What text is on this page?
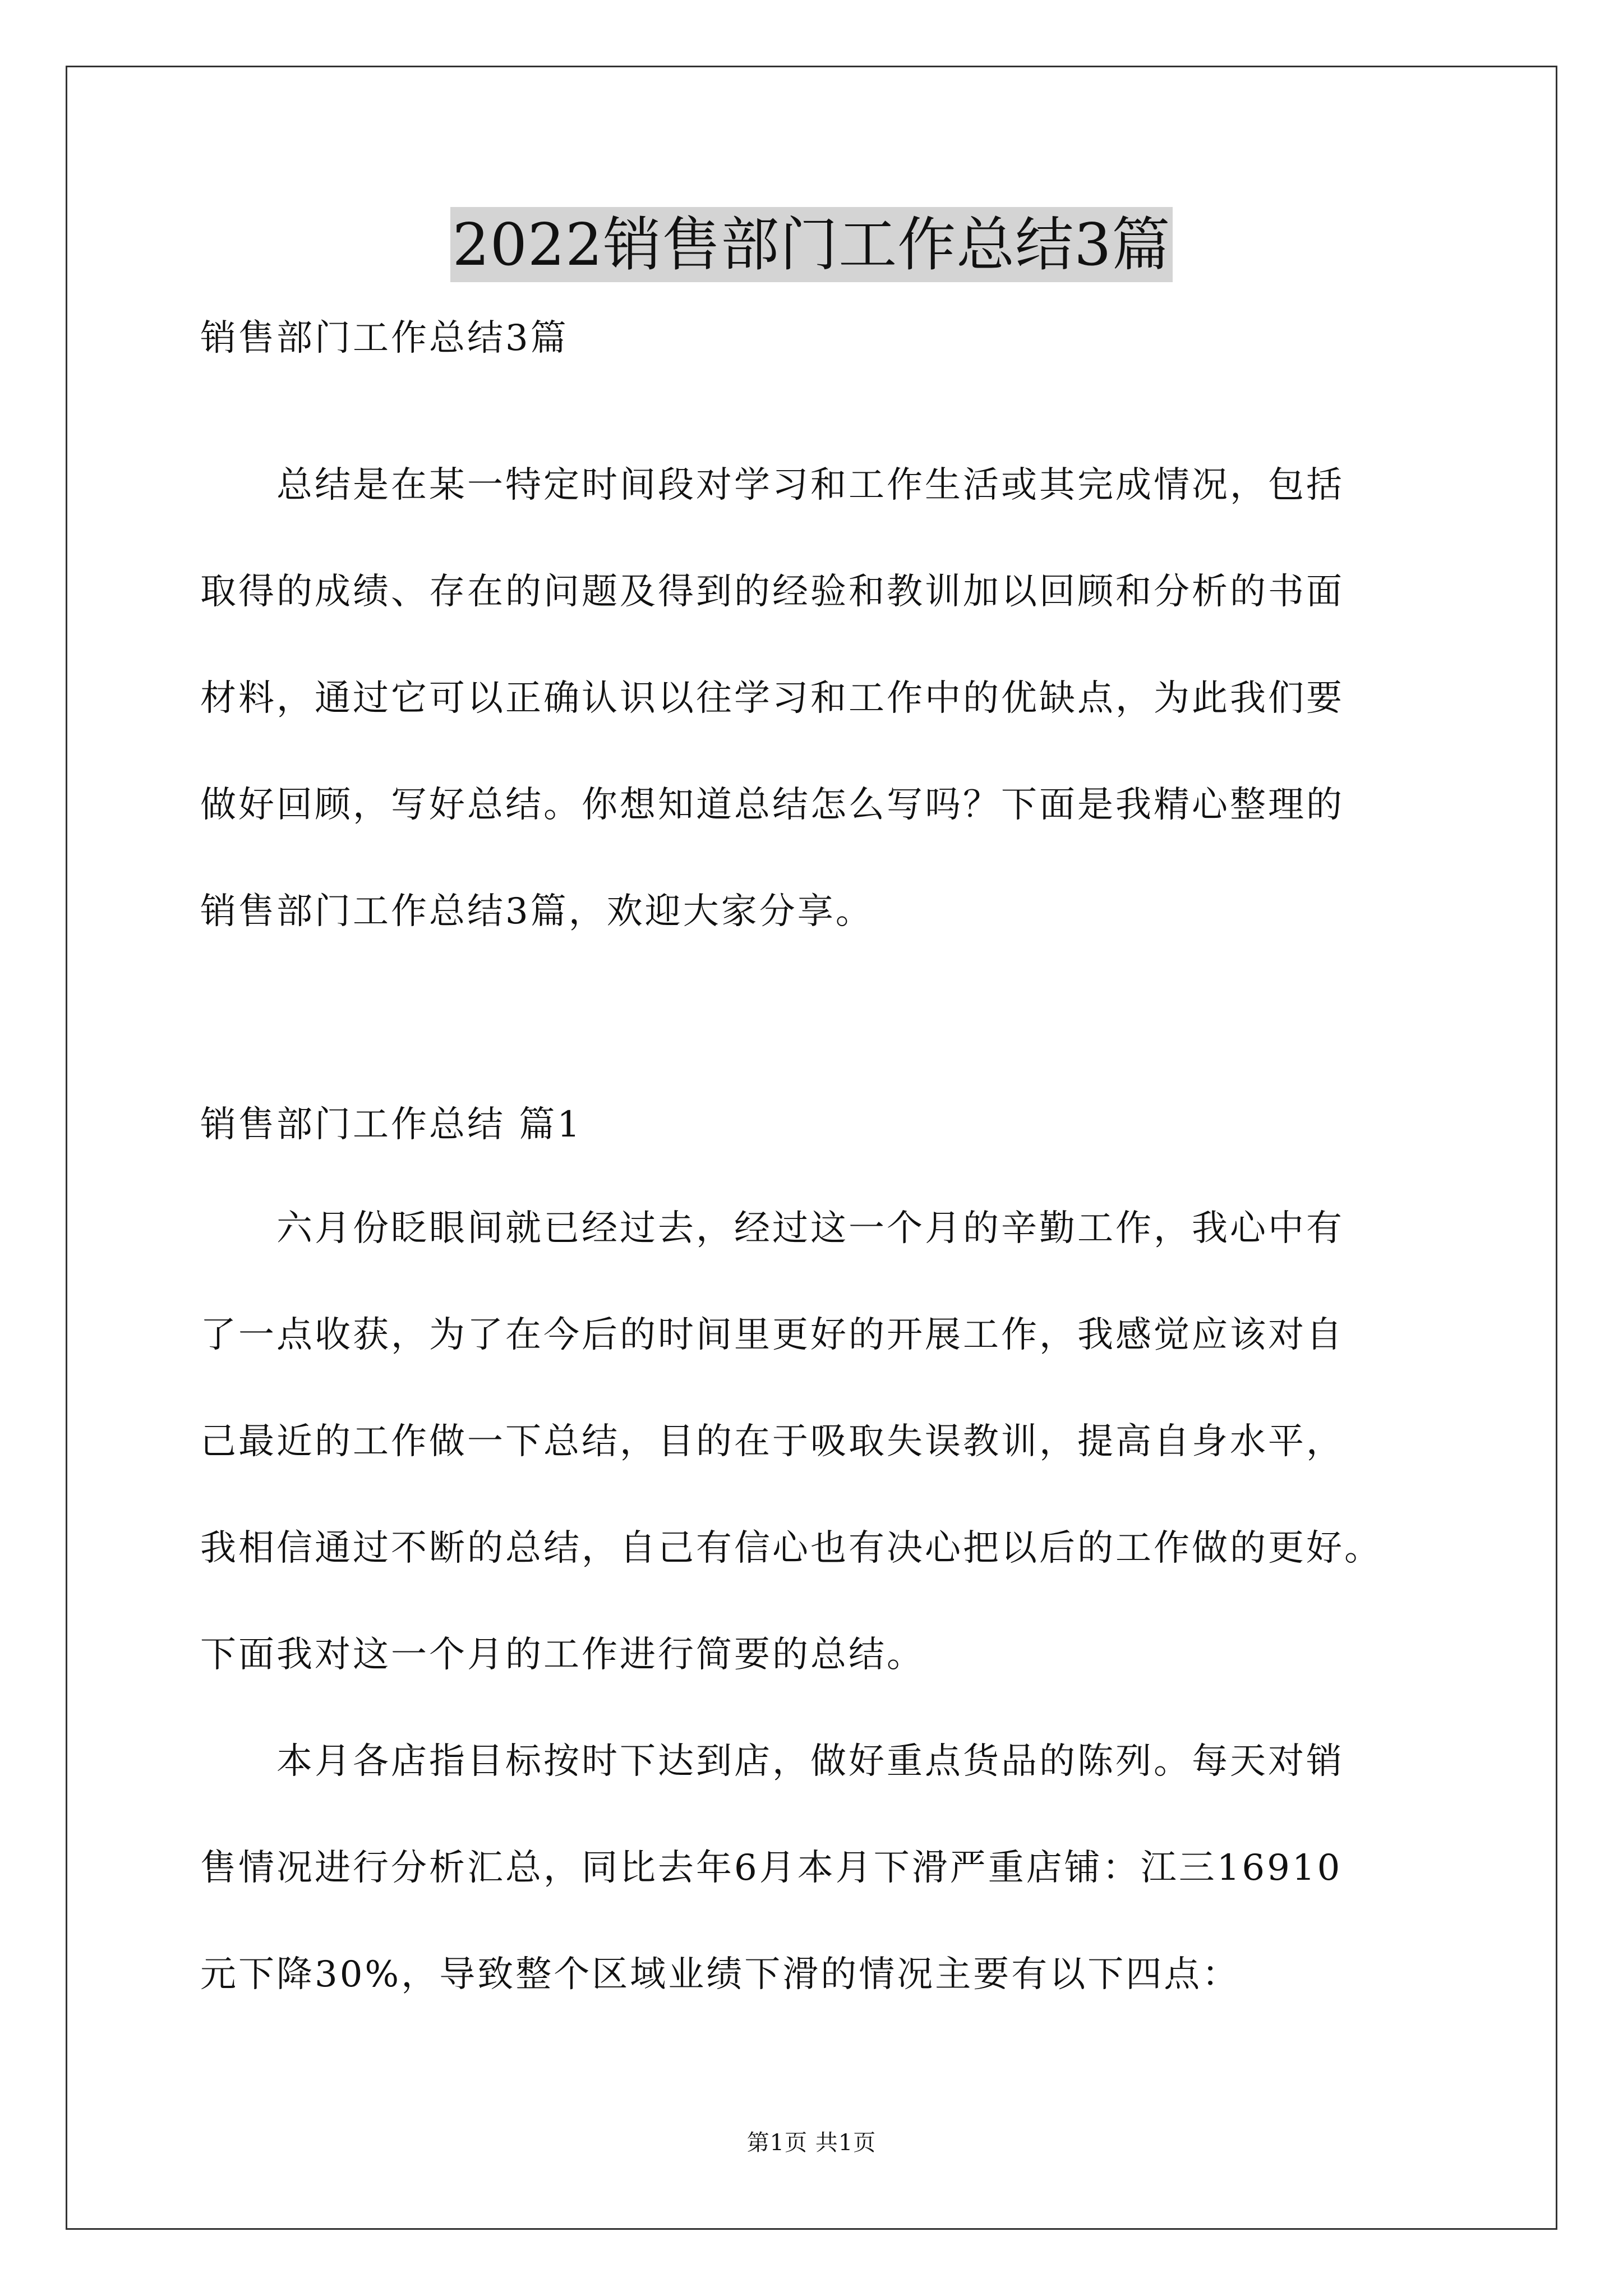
2022销售部门工作总结3篇
销售部门工作总结3篇
总结是在某一特定时间段对学习和工作生活或其完成情况，包括
取得的成绩、存在的问题及得到的经验和教训加以回顾和分析的书面
材料，通过它可以正确认识以往学习和工作中的优缺点，为此我们要
做好回顾，写好总结。你想知道总结怎么写吗？下面是我精心整理的
销售部门工作总结3篇，欢迎大家分享。
销售部门工作总结 篇1
六月份眨眼间就已经过去，经过这一个月的辛勤工作，我心中有
了一点收获，为了在今后的时间里更好的开展工作，我感觉应该对自
己最近的工作做一下总结，目的在于吸取失误教训，提高自身水平，
我相信通过不断的总结，自己有信心也有决心把以后的工作做的更好。
下面我对这一个月的工作进行简要的总结。
本月各店指目标按时下达到店，做好重点货品的陈列。每天对销
售情况进行分析汇总，同比去年6月本月下滑严重店铺：江三16910
元下降30%，导致整个区域业绩下滑的情况主要有以下四点：
第1页 共1页
